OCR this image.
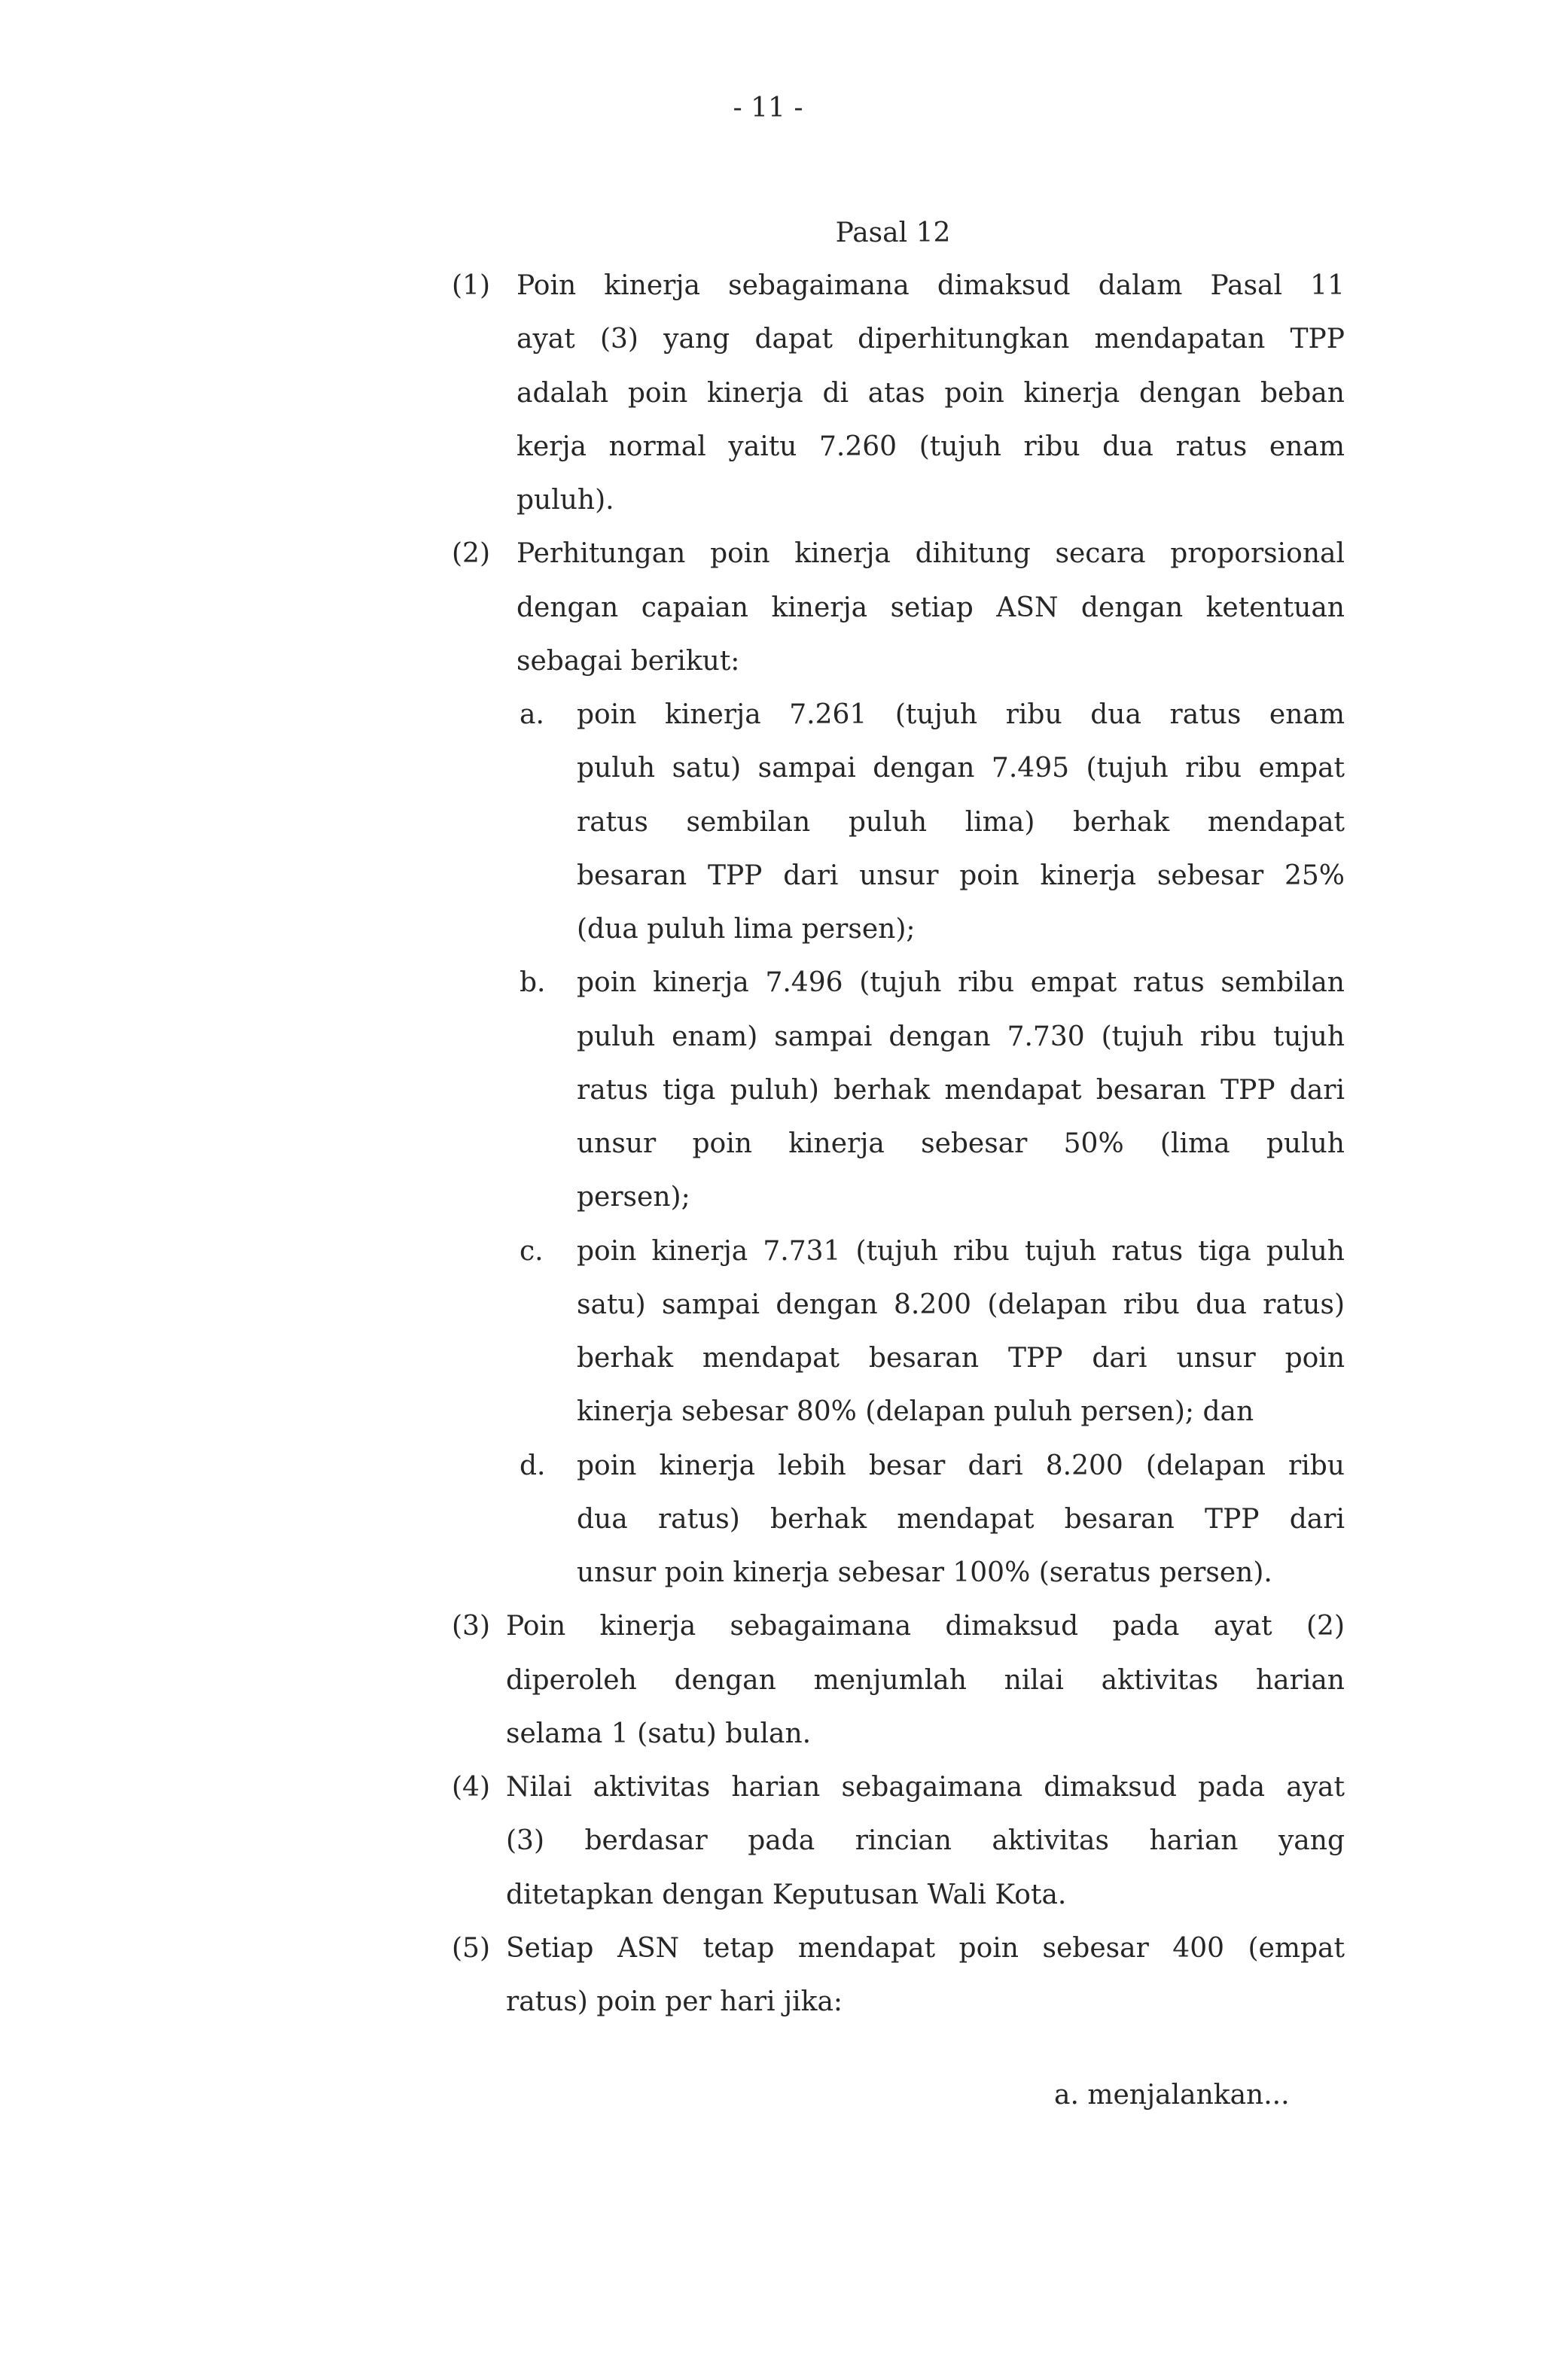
- 11 -
Pasal 12
(1) Poin kinerja sebagaimana dimaksud dalam Pasal 11
ayat (3) yang dapat diperhitungkan mendapatan TPP
adalah poin kinerja di atas poin kinerja dengan beban
kerja normal yaitu 7.260 (tujuh ribu dua ratus enam
puluh).
(2) Perhitungan poin kinerja dihitung secara proporsional
dengan capaian kinerja setiap ASN dengan ketentuan
sebagai berikut:
a. poin kinerja 7.261 (tujuh ribu dua ratus enam
puluh satu) sampai dengan 7.495 (tujuh ribu empat
ratus sembilan puluh lima) berhak mendapat
besaran TPP dari unsur poin kinerja sebesar 25%
(dua puluh lima persen);
b. poin kinerja 7.496 (tujuh ribu empat ratus sembilan
puluh enam) sampai dengan 7.730 (tujuh ribu tujuh
ratus tiga puluh) berhak mendapat besaran TPP dari
unsur poin kinerja sebesar 50% (lima puluh
persen);
c. poin kinerja 7.731 (tujuh ribu tujuh ratus tiga puluh
satu) sampai dengan 8.200 (delapan ribu dua ratus)
berhak mendapat besaran TPP dari unsur poin
kinerja sebesar 80% (delapan puluh persen); dan
d. poin kinerja lebih besar dari 8.200 (delapan ribu
dua ratus) berhak mendapat besaran TPP dari
unsur poin kinerja sebesar 100% (seratus persen).
(3) Poin kinerja sebagaimana dimaksud pada ayat (2)
diperoleh dengan menjumlah nilai aktivitas harian
selama 1 (satu) bulan.
(4) Nilai aktivitas harian sebagaimana dimaksud pada ayat
(3) berdasar pada rincian aktivitas harian yang
ditetapkan dengan Keputusan Wali Kota.
(5) Setiap ASN tetap mendapat poin sebesar 400 (empat
ratus) poin per hari jika:
a. menjalankan...
